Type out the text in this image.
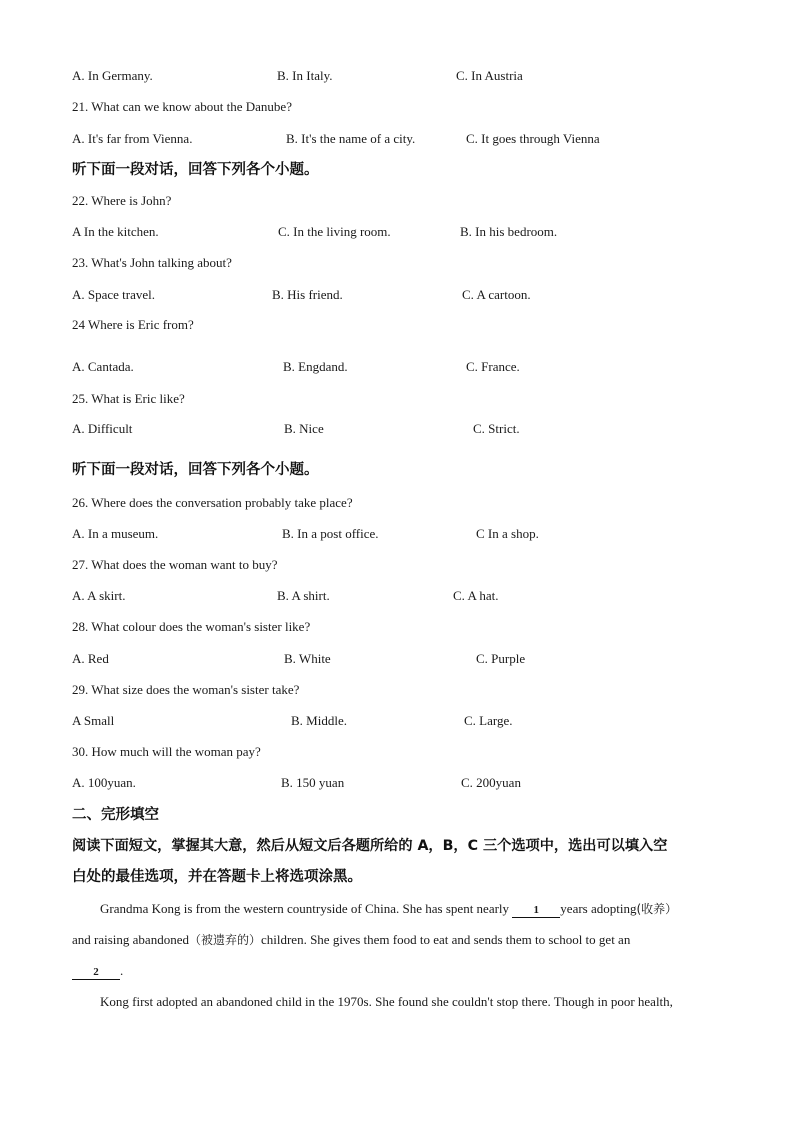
A. In Germany.	B. In Italy.	C. In Austria
21. What can we know about the Danube?
A. It's far from Vienna.	B. It's the name of a city.	C. It goes through Vienna
听下面一段对话，回答下列各个小题。
22. Where is John?
A In the kitchen.	C. In the living room.	B. In his bedroom.
23. What's John talking about?
A. Space travel.	B. His friend.	C. A cartoon.
24 Where is Eric from?
A. Cantada.	B. Engdand.	C. France.
25. What is Eric like?
A. Difficult	B. Nice	C. Strict.
听下面一段对话，回答下列各个小题。
26. Where does the conversation probably take place?
A. In a museum.	B. In a post office.	C In a shop.
27. What does the woman want to buy?
A. A skirt.	B. A shirt.	C. A hat.
28. What colour does the woman's sister like?
A. Red	B. White	C. Purple
29. What size does the woman's sister take?
A Small	B. Middle.	C. Large.
30. How much will the woman pay?
A. 100yuan.	B. 150 yuan	C. 200yuan
二、完形填空
阅读下面短文，掌握其大意，然后从短文后各题所给的 A，B，C 三个选项中，选出可以填入空
白处的最佳选项，并在答题卡上将选项涂黑。
Grandma Kong is from the western countryside of China. She has spent nearly 1 years adopting(收养）
and raising abandoned（被遗弃的）children. She gives them food to eat and sends them to school to get an
2 .
Kong first adopted an abandoned child in the 1970s. She found she couldn't stop there. Though in poor health,
